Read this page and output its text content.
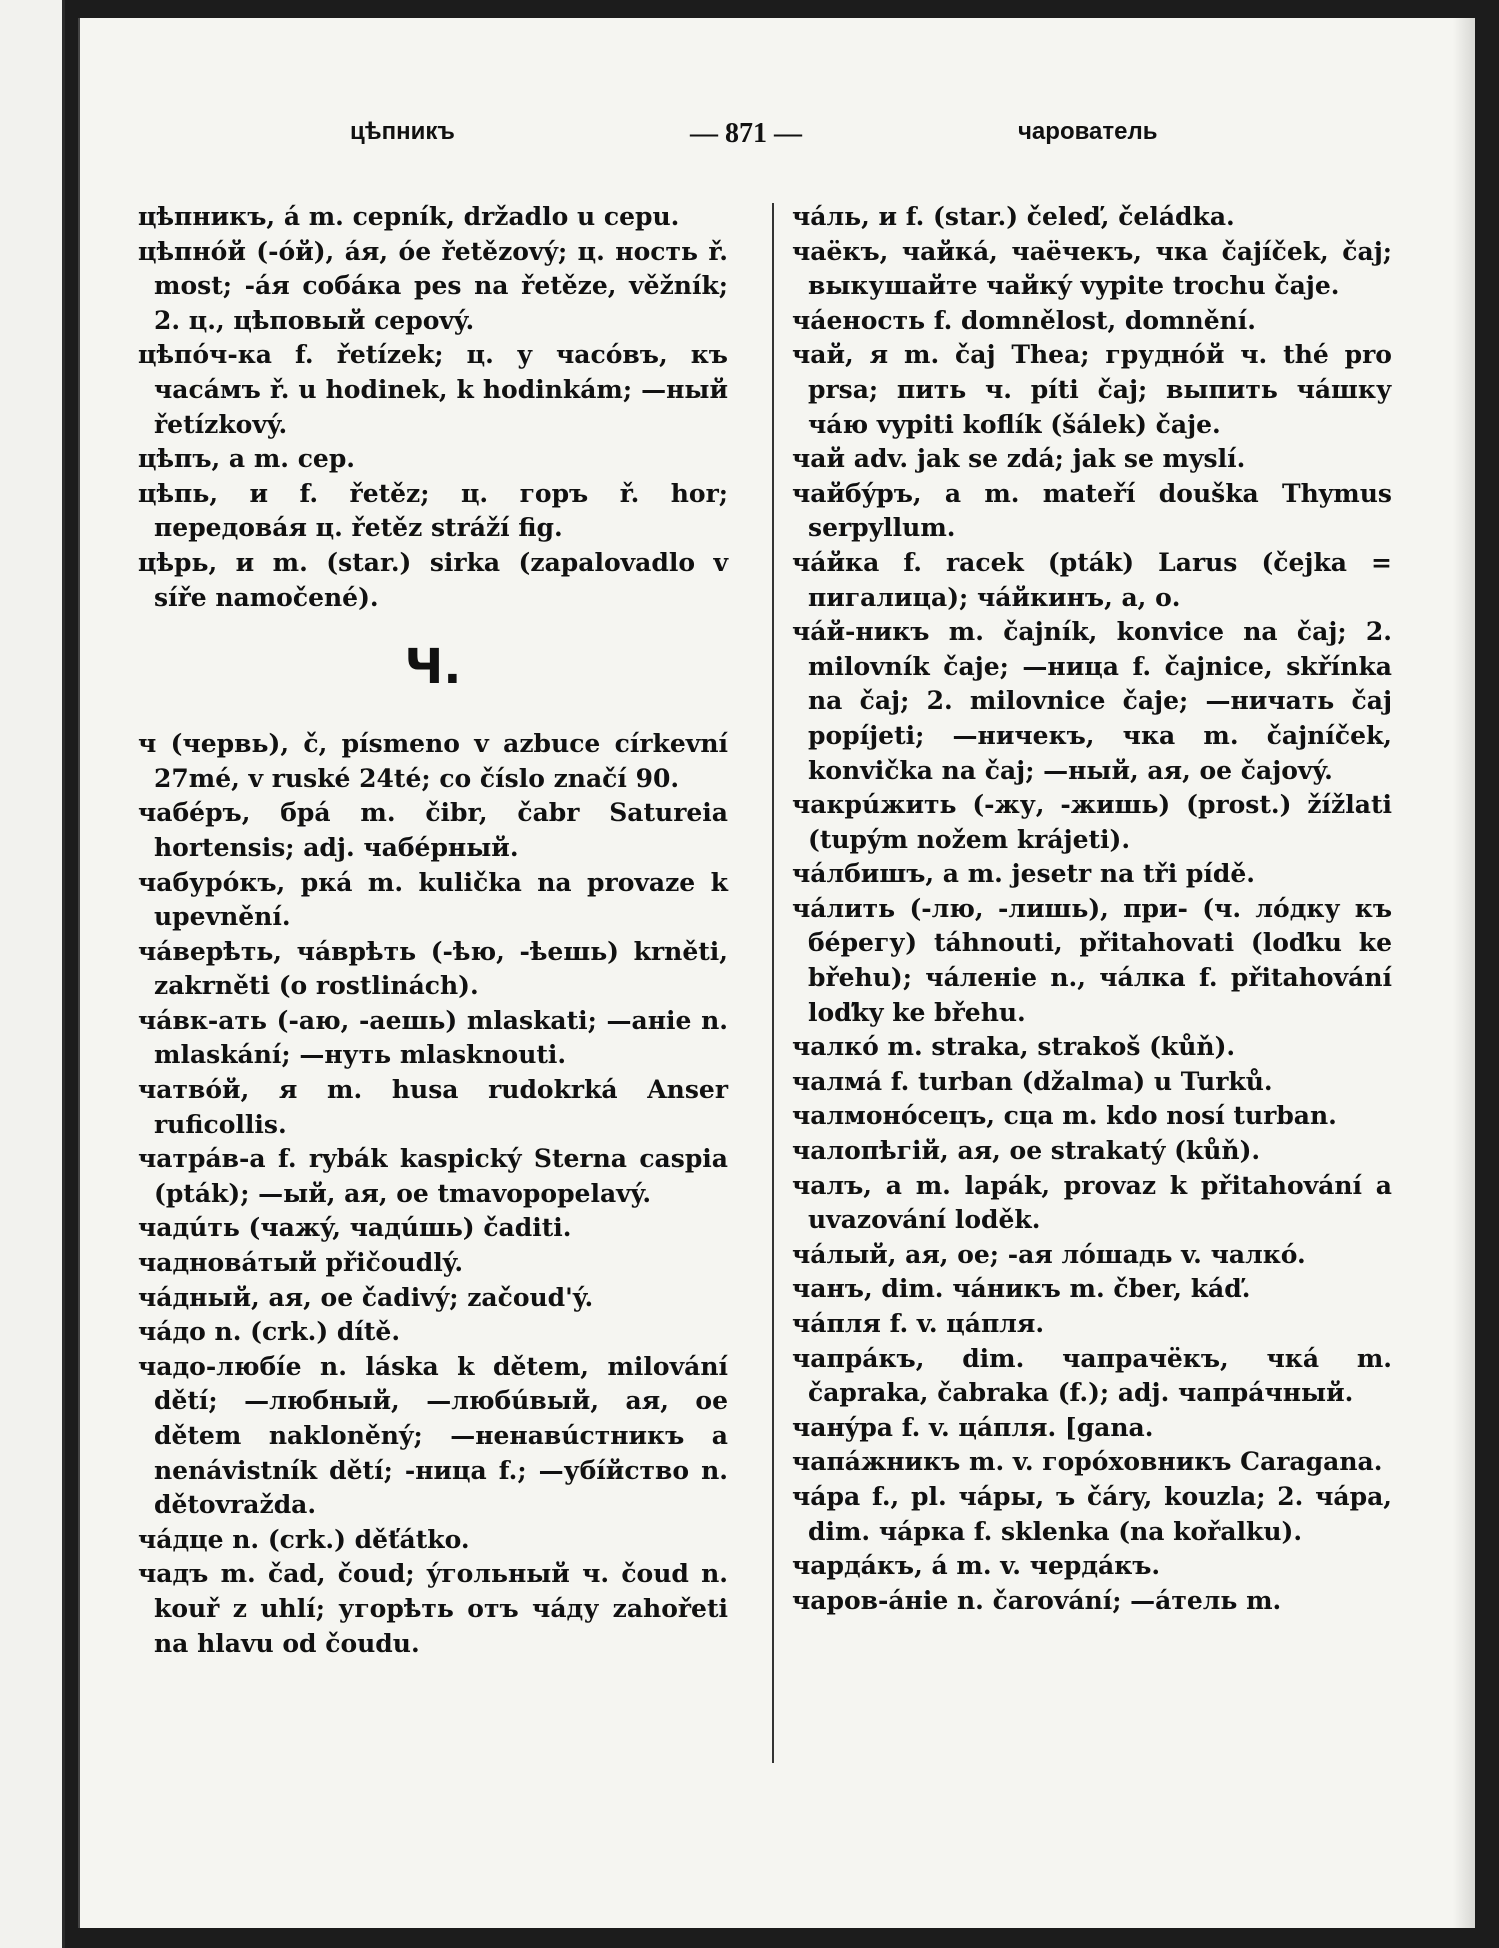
цѣпникъ	— 871 —	чарователь

цѣпникъ, á m. cepník, držadlo u cepu.

цѣпнóй (-óй), áя, óе řetězový; ц. ность ř. most; -áя собáка pes na řetěze, věžník; 2. ц., цѣповый cepový.

цѣпóч-ка f. řetízek; ц. у часóвъ, къ часáмъ ř. u hodinek, k hodinkám; —ный řetízkový.

цѣпъ, а m. cep.

цѣпь, и f. řetěz; ц. горъ ř. hor; передовáя ц. řetěz stráží fig.

цѣрь, и m. (star.) sirka (zapalovadlo v síře namočené).

Ч.

ч (червь), č, písmeno v azbuce církevní 27mé, v ruské 24té; co číslo značí 90.

чабéръ, брá m. čibr, čabr Satureia hortensis; adj. чабéрный.

чабурóкъ, ркá m. kulička na provaze k upevnění.

чáверѣть, чáврѣть (-ѣю, -ѣешь) krněti, zakrněti (o rostlinách).

чáвк-ать (-аю, -аешь) mlaskati; —анie n. mlaskání; —нуть mlasknouti.

чатвóй, я m. husa rudokrká Anser ruficollis.

чатрáв-а f. rybák kaspický Sterna caspia (pták); —ый, ая, ое tmavopopelavý.

чадúть (чажý, чадúшь) čaditi.

чадновáтый přičoudlý.

чáдный, ая, ое čadivý; začoud'ý.

чáдо n. (crk.) dítě.

чадо-любíе n. láska k dětem, milování dětí; —любный, —любúвый, ая, ое dětem nakloněný; —ненавúстникъ a nenávistník dětí; -ница f.; —убíйство n. dětovražda.

чáдце n. (crk.) děťátko.

чадъ m. čad, čoud; ýгольный ч. čoud n. kouř z uhlí; угорѣть отъ чáду zahořeti na hlavu od čoudu.

чáль, и f. (star.) čeleď, čeládka.

чаёкъ, чайкá, чаёчекъ, чка čajíček, čaj; выкушайте чайкý vypite trochu čaje.

чáеность f. domnělost, domnění.

чай, я m. čaj Thea; груднóй ч. thé pro prsa; пить ч. píti čaj; выпить чáшку чáю vypiti koflík (šálek) čaje.

чай adv. jak se zdá; jak se myslí.

чайбýръ, а m. mateří douška Thymus serpyllum.

чáйка f. racek (pták) Larus (čejka = пигалица); чáйкинъ, а, о.

чáй-никъ m. čajník, konvice na čaj; 2. milovník čaje; —ница f. čajnice, skřínka na čaj; 2. milovnice čaje; —ничать čaj popíjeti; —ничекъ, чка m. čajníček, konvička na čaj; —ный, ая, ое čajový.

чакрúжить (-жу, -жишь) (prost.) žížlati (tupým nožem krájeti).

чáлбишъ, а m. jesetr na tři pídě.

чáлить (-лю, -лишь), при- (ч. лóдку къ бéрегу) táhnouti, přitahovati (loďku ke břehu); чáленie n., чáлка f. přitahování loďky ke břehu.

чалкó m. straka, strakoš (kůň).

чалмá f. turban (džalma) u Turků.

чалмонóсецъ, сца m. kdo nosí turban.

чалопѣгій, ая, ое strakatý (kůň).

чалъ, а m. lapák, provaz k přitahování a uvazování loděk.

чáлый, ая, ое; -ая лóшадь v. чалкó.

чанъ, dim. чáникъ m. čber, káď.

чáпля f. v. цáпля.

чапрáкъ, dim. чапрачёкъ, чкá m. čapraka, čabraka (f.); adj. чапрáчный.

чанýра f. v. цáпля. [gana.

чапáжникъ m. v. горóховникъ Caragana.

чáра f., pl. чáры, ъ čáry, kouzla; 2. чáра, dim. чáрка f. sklenka (na kořalku).

чардáкъ, á m. v. чердáкъ.

чаров-áнie n. čarování; —áтель m.
